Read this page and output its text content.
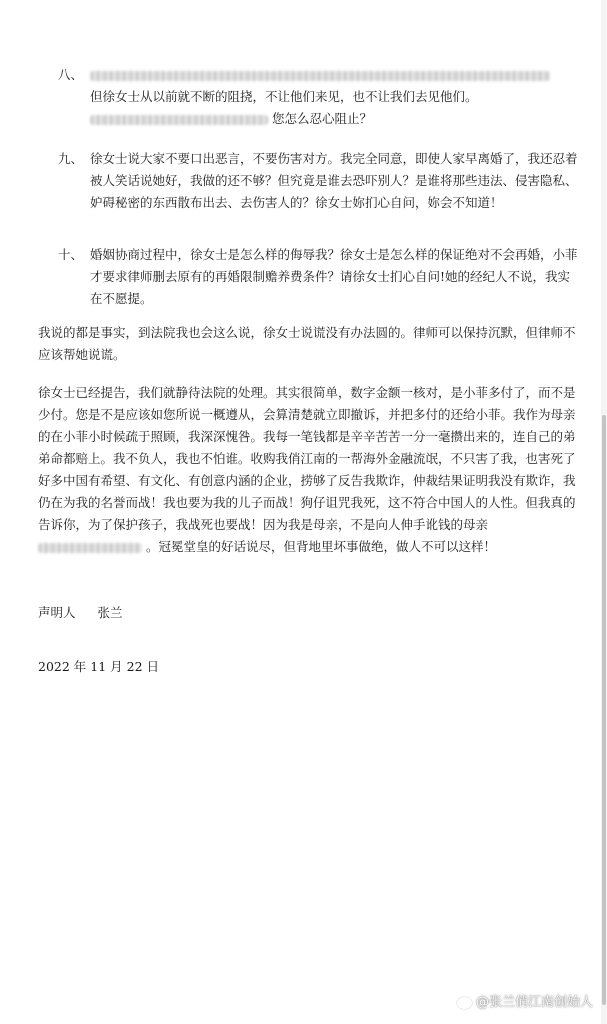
八、
但徐女士从以前就不断的阻挠，不让他们来见，也不让我们去见他们。
您怎么忍心阻止？
九、 徐女士说大家不要口出恶言，不要伤害对方。我完全同意，即使人家早离婚了，我还忍着被人笑话说她好，我做的还不够？但究竟是谁去恐吓别人？是谁将那些违法、侵害隐私、妒碍秘密的东西散布出去、去伤害人的？徐女士妳扪心自问，妳会不知道！
十、 婚姻协商过程中，徐女士是怎么样的侮辱我？徐女士是怎么样的保证绝对不会再婚，小菲才要求律师删去原有的再婚限制赡养费条件？请徐女士扪心自问!她的经纪人不说，我实在不愿提。
我说的都是事实，到法院我也会这么说，徐女士说谎没有办法圆的。律师可以保持沉默，但律师不应该帮她说谎。
徐女士已经提告，我们就静待法院的处理。其实很简单，数字金额一核对，是小菲多付了，而不是少付。您是不是应该如您所说一概遵从，会算清楚就立即撤诉，并把多付的还给小菲。我作为母亲的在小菲小时候疏于照顾，我深深愧咎。我每一笔钱都是辛辛苦苦一分一毫攒出来的，连自己的弟弟命都赔上。我不负人，我也不怕谁。收购我俏江南的一帮海外金融流氓，不只害了我，也害死了好多中国有希望、有文化、有创意内涵的企业，捞够了反告我欺诈，仲裁结果证明我没有欺诈，我仍在为我的名誉而战！我也要为我的儿子而战！狗仔诅咒我死，这不符合中国人的人性。但我真的告诉你，为了保护孩子，我战死也要战！因为我是母亲，不是向人伸手讹钱的母亲  。冠冕堂皇的好话说尽，但背地里坏事做绝，做人不可以这样！
声明人 张兰
2022 年 11 月 22 日
@张兰俏江南创始人
